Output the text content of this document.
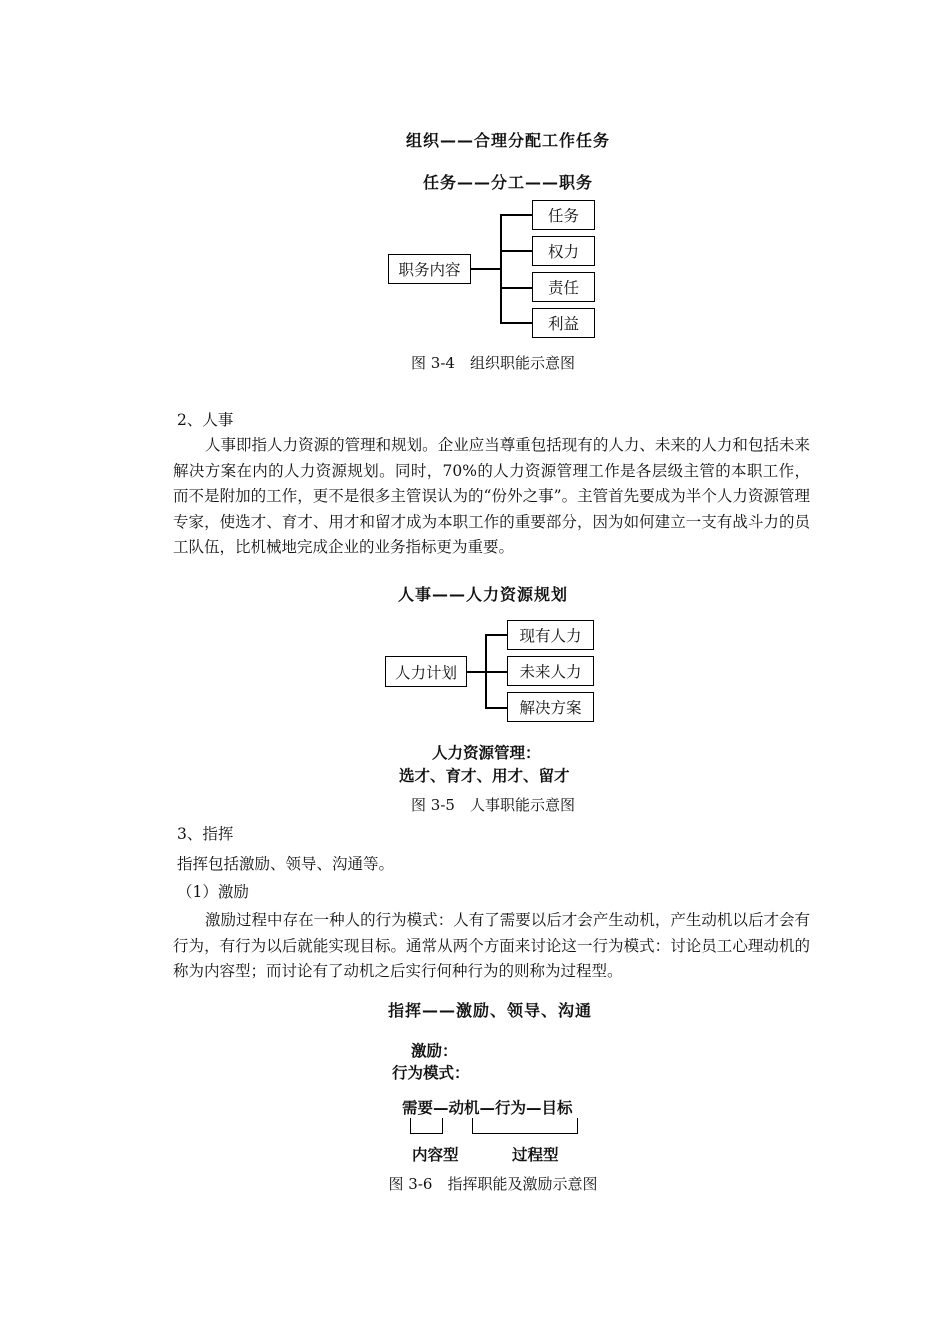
组织——合理分配工作任务
任务——分工——职务
职务内容
任务
权力
责任
利益
图 3-4　组织职能示意图
2、人事

人事即指人力资源的管理和规划。企业应当尊重包括现有的人力、未来的人力和包括未来解决方案在内的人力资源规划。同时，70%的人力资源管理工作是各层级主管的本职工作，而不是附加的工作，更不是很多主管误认为的“份外之事”。主管首先要成为半个人力资源管理专家，使选才、育才、用才和留才成为本职工作的重要部分，因为如何建立一支有战斗力的员工队伍，比机械地完成企业的业务指标更为重要。

人事——人力资源规划
人力计划
现有人力
未来人力
解决方案
人力资源管理：
选才、育才、用才、留才
图 3-5　人事职能示意图
3、指挥
指挥包括激励、领导、沟通等。
（1）激励

激励过程中存在一种人的行为模式：人有了需要以后才会产生动机，产生动机以后才会有行为，有行为以后就能实现目标。通常从两个方面来讨论这一行为模式：讨论员工心理动机的称为内容型；而讨论有了动机之后实行何种行为的则称为过程型。

指挥——激励、领导、沟通
激励：
行为模式：
需要—动机—行为—目标
内容型	过程型
图 3-6　指挥职能及激励示意图
